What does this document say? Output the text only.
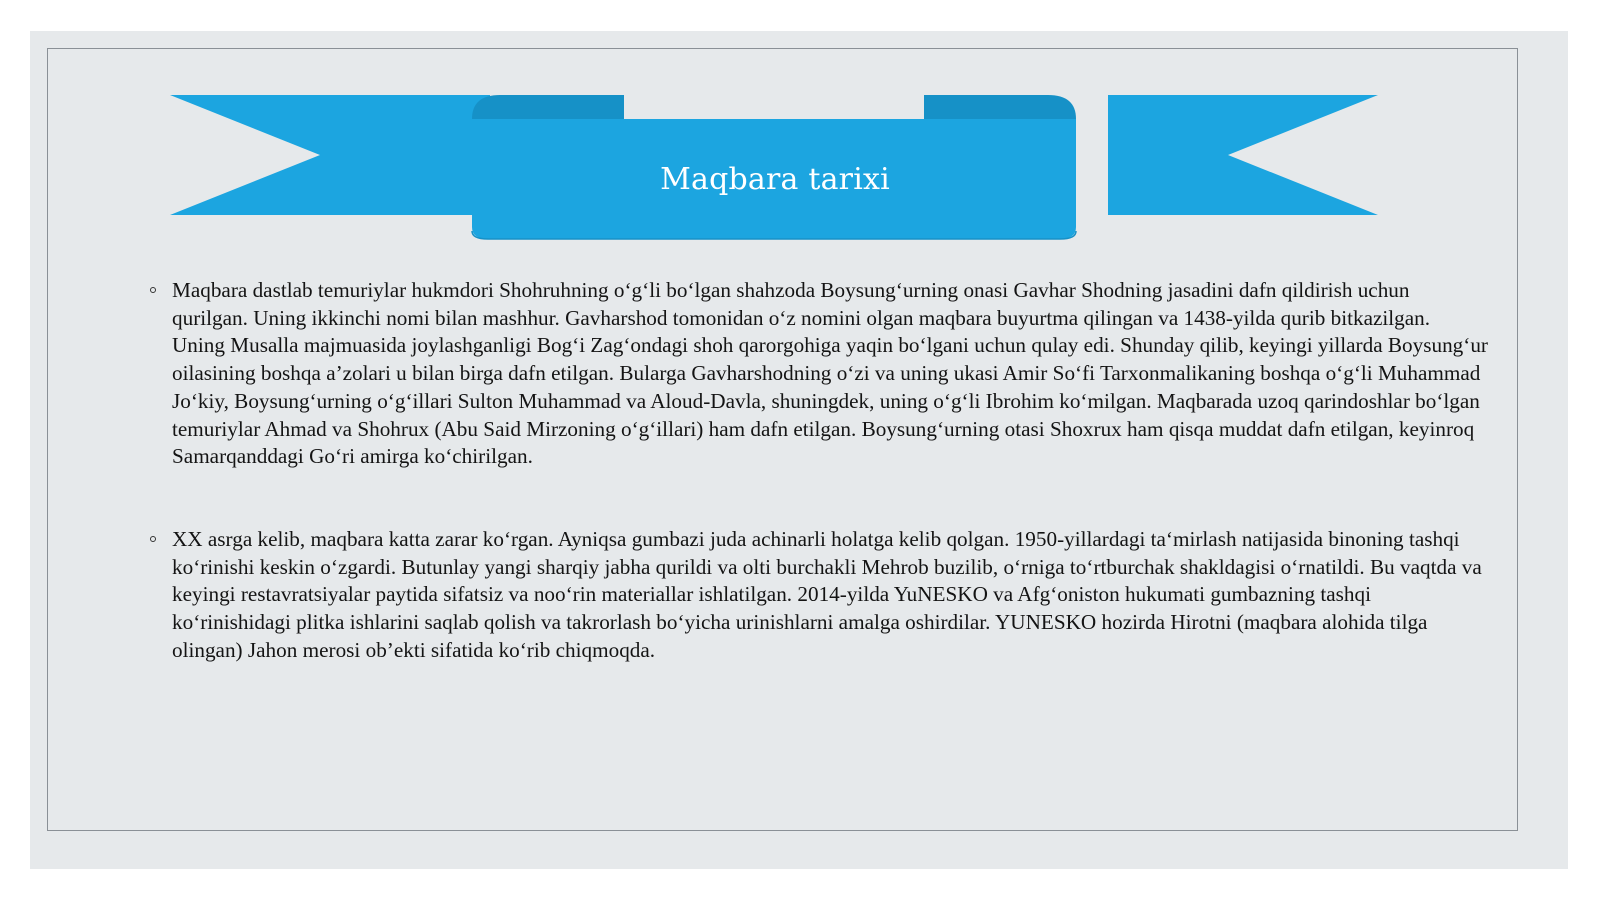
Maqbara tarixi
Maqbara dastlab temuriylar hukmdori Shohruhning o‘g‘li bo‘lgan shahzoda Boysung‘urning onasi Gavhar Shodning jasadini dafn qildirish uchun qurilgan. Uning ikkinchi nomi bilan mashhur. Gavharshod tomonidan o‘z nomini olgan maqbara buyurtma qilingan va 1438-yilda qurib bitkazilgan. Uning Musalla majmuasida joylashganligi Bog‘i Zag‘ondagi shoh qarorgohiga yaqin bo‘lgani uchun qulay edi. Shunday qilib, keyingi yillarda Boysung‘ur oilasining boshqa a’zolari u bilan birga dafn etilgan. Bularga Gavharshodning o‘zi va uning ukasi Amir So‘fi Tarxonmalikaning boshqa o‘g‘li Muhammad Jo‘kiy, Boysung‘urning o‘g‘illari Sulton Muhammad va Aloud-Davla, shuningdek, uning o‘g‘li Ibrohim ko‘milgan. Maqbarada uzoq qarindoshlar bo‘lgan temuriylar Ahmad va Shohrux (Abu Said Mirzoning o‘g‘illari) ham dafn etilgan. Boysung‘urning otasi Shoxrux ham qisqa muddat dafn etilgan, keyinroq Samarqanddagi Go‘ri amirga ko‘chirilgan.
XX asrga kelib, maqbara katta zarar ko‘rgan. Ayniqsa gumbazi juda achinarli holatga kelib qolgan. 1950-yillardagi ta‘mirlash natijasida binoning tashqi ko‘rinishi keskin o‘zgardi. Butunlay yangi sharqiy jabha qurildi va olti burchakli Mehrob buzilib, o‘rniga to‘rtburchak shakldagisi o‘rnatildi. Bu vaqtda va keyingi restavratsiyalar paytida sifatsiz va noo‘rin materiallar ishlatilgan. 2014-yilda YuNESKO va Afg‘oniston hukumati gumbazning tashqi ko‘rinishidagi plitka ishlarini saqlab qolish va takrorlash bo‘yicha urinishlarni amalga oshirdilar. YUNESKO hozirda Hirotni (maqbara alohida tilga olingan) Jahon merosi ob’ekti sifatida ko‘rib chiqmoqda.
